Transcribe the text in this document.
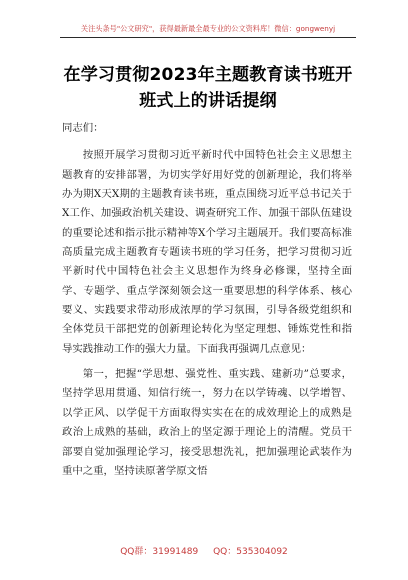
关注头条号"公文研究"，获得最新最全最专业的公文资料库！微信：gongwenyj
在学习贯彻2023年主题教育读书班开班式上的讲话提纲

同志们：

按照开展学习贯彻习近平新时代中国特色社会主义思想主题教育的安排部署，为切实学好用好党的创新理论，我们将举办为期X天X期的主题教育读书班，重点围绕习近平总书记关于X工作、加强政治机关建设、调查研究工作、加强干部队伍建设的重要论述和指示批示精神等X个学习主题展开。我们要高标准高质量完成主题教育专题读书班的学习任务，把学习贯彻习近平新时代中国特色社会主义思想作为终身必修课，坚持全面学、专题学、重点学深刻领会这一重要思想的科学体系、核心要义、实践要求带动形成浓厚的学习氛围，引导各级党组织和全体党员干部把党的创新理论转化为坚定理想、锤炼党性和指导实践推动工作的强大力量。下面我再强调几点意见：

第一，把握“学思想、强党性、重实践、建新功”总要求，坚持学思用贯通、知信行统一，努力在以学铸魂、以学增智、以学正风、以学促干方面取得实实在在的成效理论上的成熟是政治上成熟的基础，政治上的坚定源于理论上的清醒。党员干部要自觉加强理论学习，接受思想洗礼，把加强理论武装作为重中之重，坚持读原著学原文悟

QQ群：31991489 QQ：535304092
